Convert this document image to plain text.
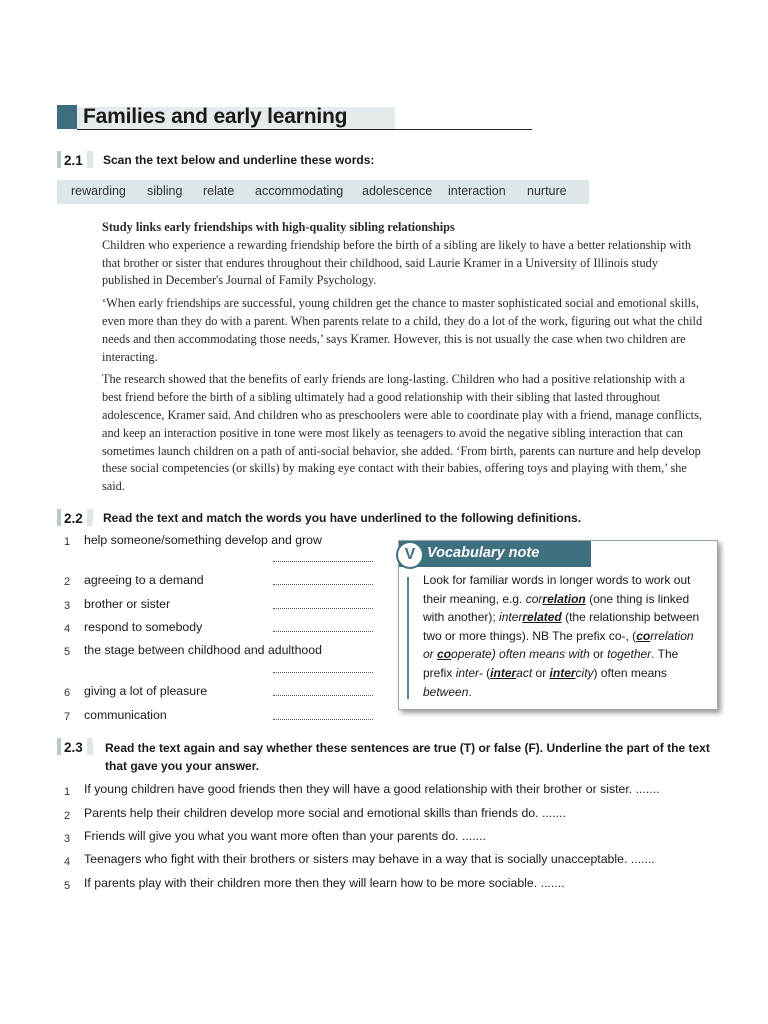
Families and early learning
2.1	Scan the text below and underline these words:
rewarding sibling relate accommodating adolescence interaction nurture

Study links early friendships with high-quality sibling relationships

Children who experience a rewarding friendship before the birth of a sibling are likely to have a better relationship with that brother or sister that endures throughout their childhood, said Laurie Kramer in a University of Illinois study published in December's Journal of Family Psychology.

‘When early friendships are successful, young children get the chance to master sophisticated social and emotional skills, even more than they do with a parent. When parents relate to a child, they do a lot of the work, figuring out what the child needs and then accommodating those needs,’ says Kramer. However, this is not usually the case when two children are interacting.

The research showed that the benefits of early friends are long-lasting. Children who had a positive relationship with a best friend before the birth of a sibling ultimately had a good relationship with their sibling that lasted throughout adolescence, Kramer said. And children who as preschoolers were able to coordinate play with a friend, manage conflicts, and keep an interaction positive in tone were most likely as teenagers to avoid the negative sibling interaction that can sometimes launch children on a path of anti-social behavior, she added. ‘From birth, parents can nurture and help develop these social competencies (or skills) by making eye contact with their babies, offering toys and playing with them,’ she said.

2.2	Read the text and match the words you have underlined to the following definitions.
1 help someone/something develop and grow
2 agreeing to a demand
3 brother or sister
4 respond to somebody
5 the stage between childhood and adulthood
6 giving a lot of pleasure
7 communication
V Vocabulary note
Look for familiar words in longer words to work out their meaning, e.g. correlation (one thing is linked with another); interrelated (the relationship between two or more things). NB The prefix co-, (correlation or cooperate) often means with or together. The prefix inter- (interact or intercity) often means between.
2.3	Read the text again and say whether these sentences are true (T) or false (F). Underline the part of the text
that gave you your answer.
1 If young children have good friends then they will have a good relationship with their brother or sister. .......
2 Parents help their children develop more social and emotional skills than friends do. .......
3 Friends will give you what you want more often than your parents do. .......
4 Teenagers who fight with their brothers or sisters may behave in a way that is socially unacceptable. .......
5 If parents play with their children more then they will learn how to be more sociable. .......
